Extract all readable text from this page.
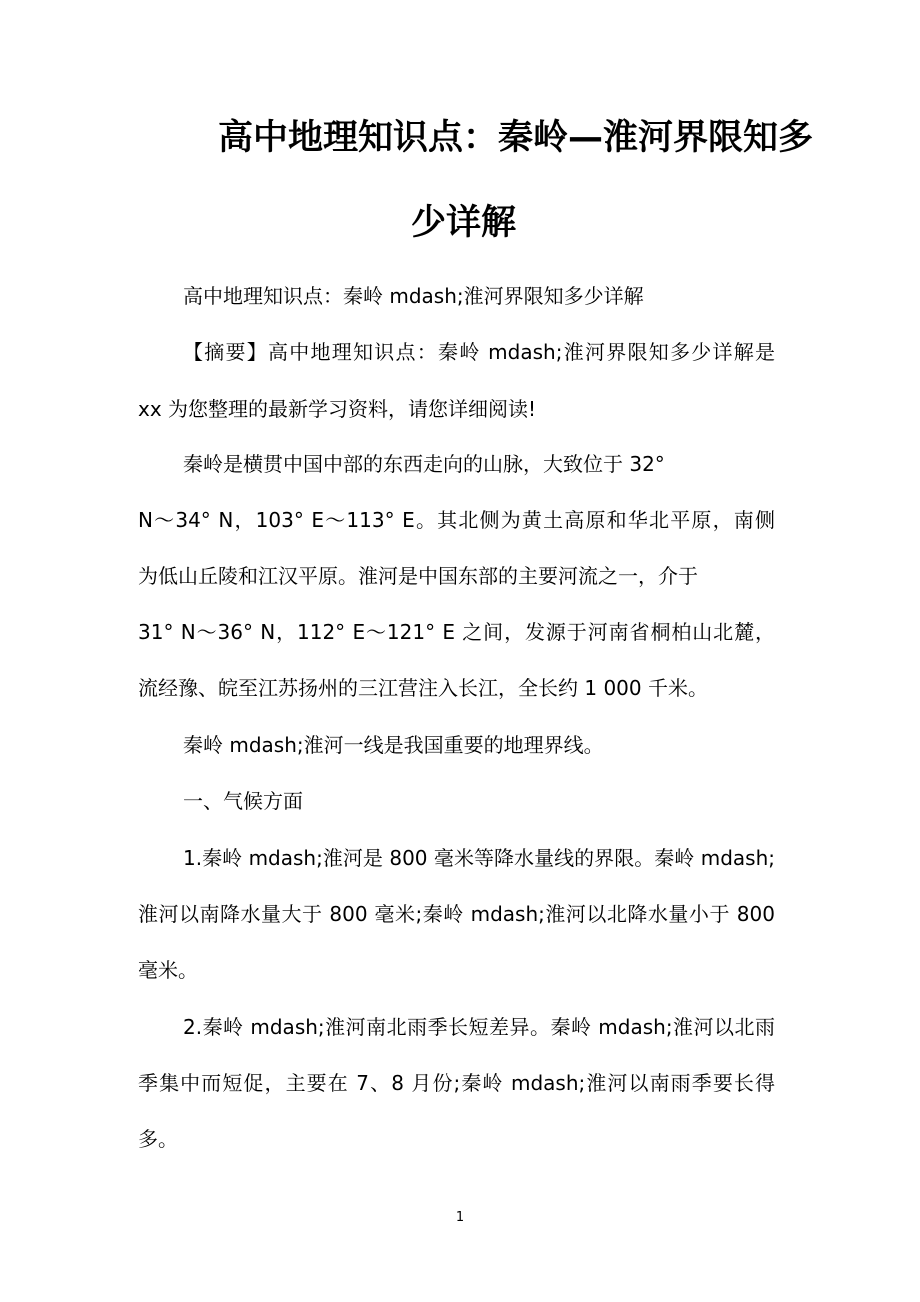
高中地理知识点：秦岭—淮河界限知多
少详解
高中地理知识点：秦岭 mdash;淮河界限知多少详解
【摘要】高中地理知识点：秦岭 mdash;淮河界限知多少详解是
xx 为您整理的最新学习资料，请您详细阅读!
秦岭是横贯中国中部的东西走向的山脉，大致位于 32°
N～34° N，103° E～113° E。其北侧为黄土高原和华北平原，南侧
为低山丘陵和江汉平原。淮河是中国东部的主要河流之一，介于
31° N～36° N，112° E～121° E 之间，发源于河南省桐柏山北麓，
流经豫、皖至江苏扬州的三江营注入长江，全长约 1 000 千米。
秦岭 mdash;淮河一线是我国重要的地理界线。
一、气候方面
1.秦岭 mdash;淮河是 800 毫米等降水量线的界限。秦岭 mdash;
淮河以南降水量大于 800 毫米;秦岭 mdash;淮河以北降水量小于 800
毫米。
2.秦岭 mdash;淮河南北雨季长短差异。秦岭 mdash;淮河以北雨
季集中而短促，主要在 7、8 月份;秦岭 mdash;淮河以南雨季要长得
多。
1
